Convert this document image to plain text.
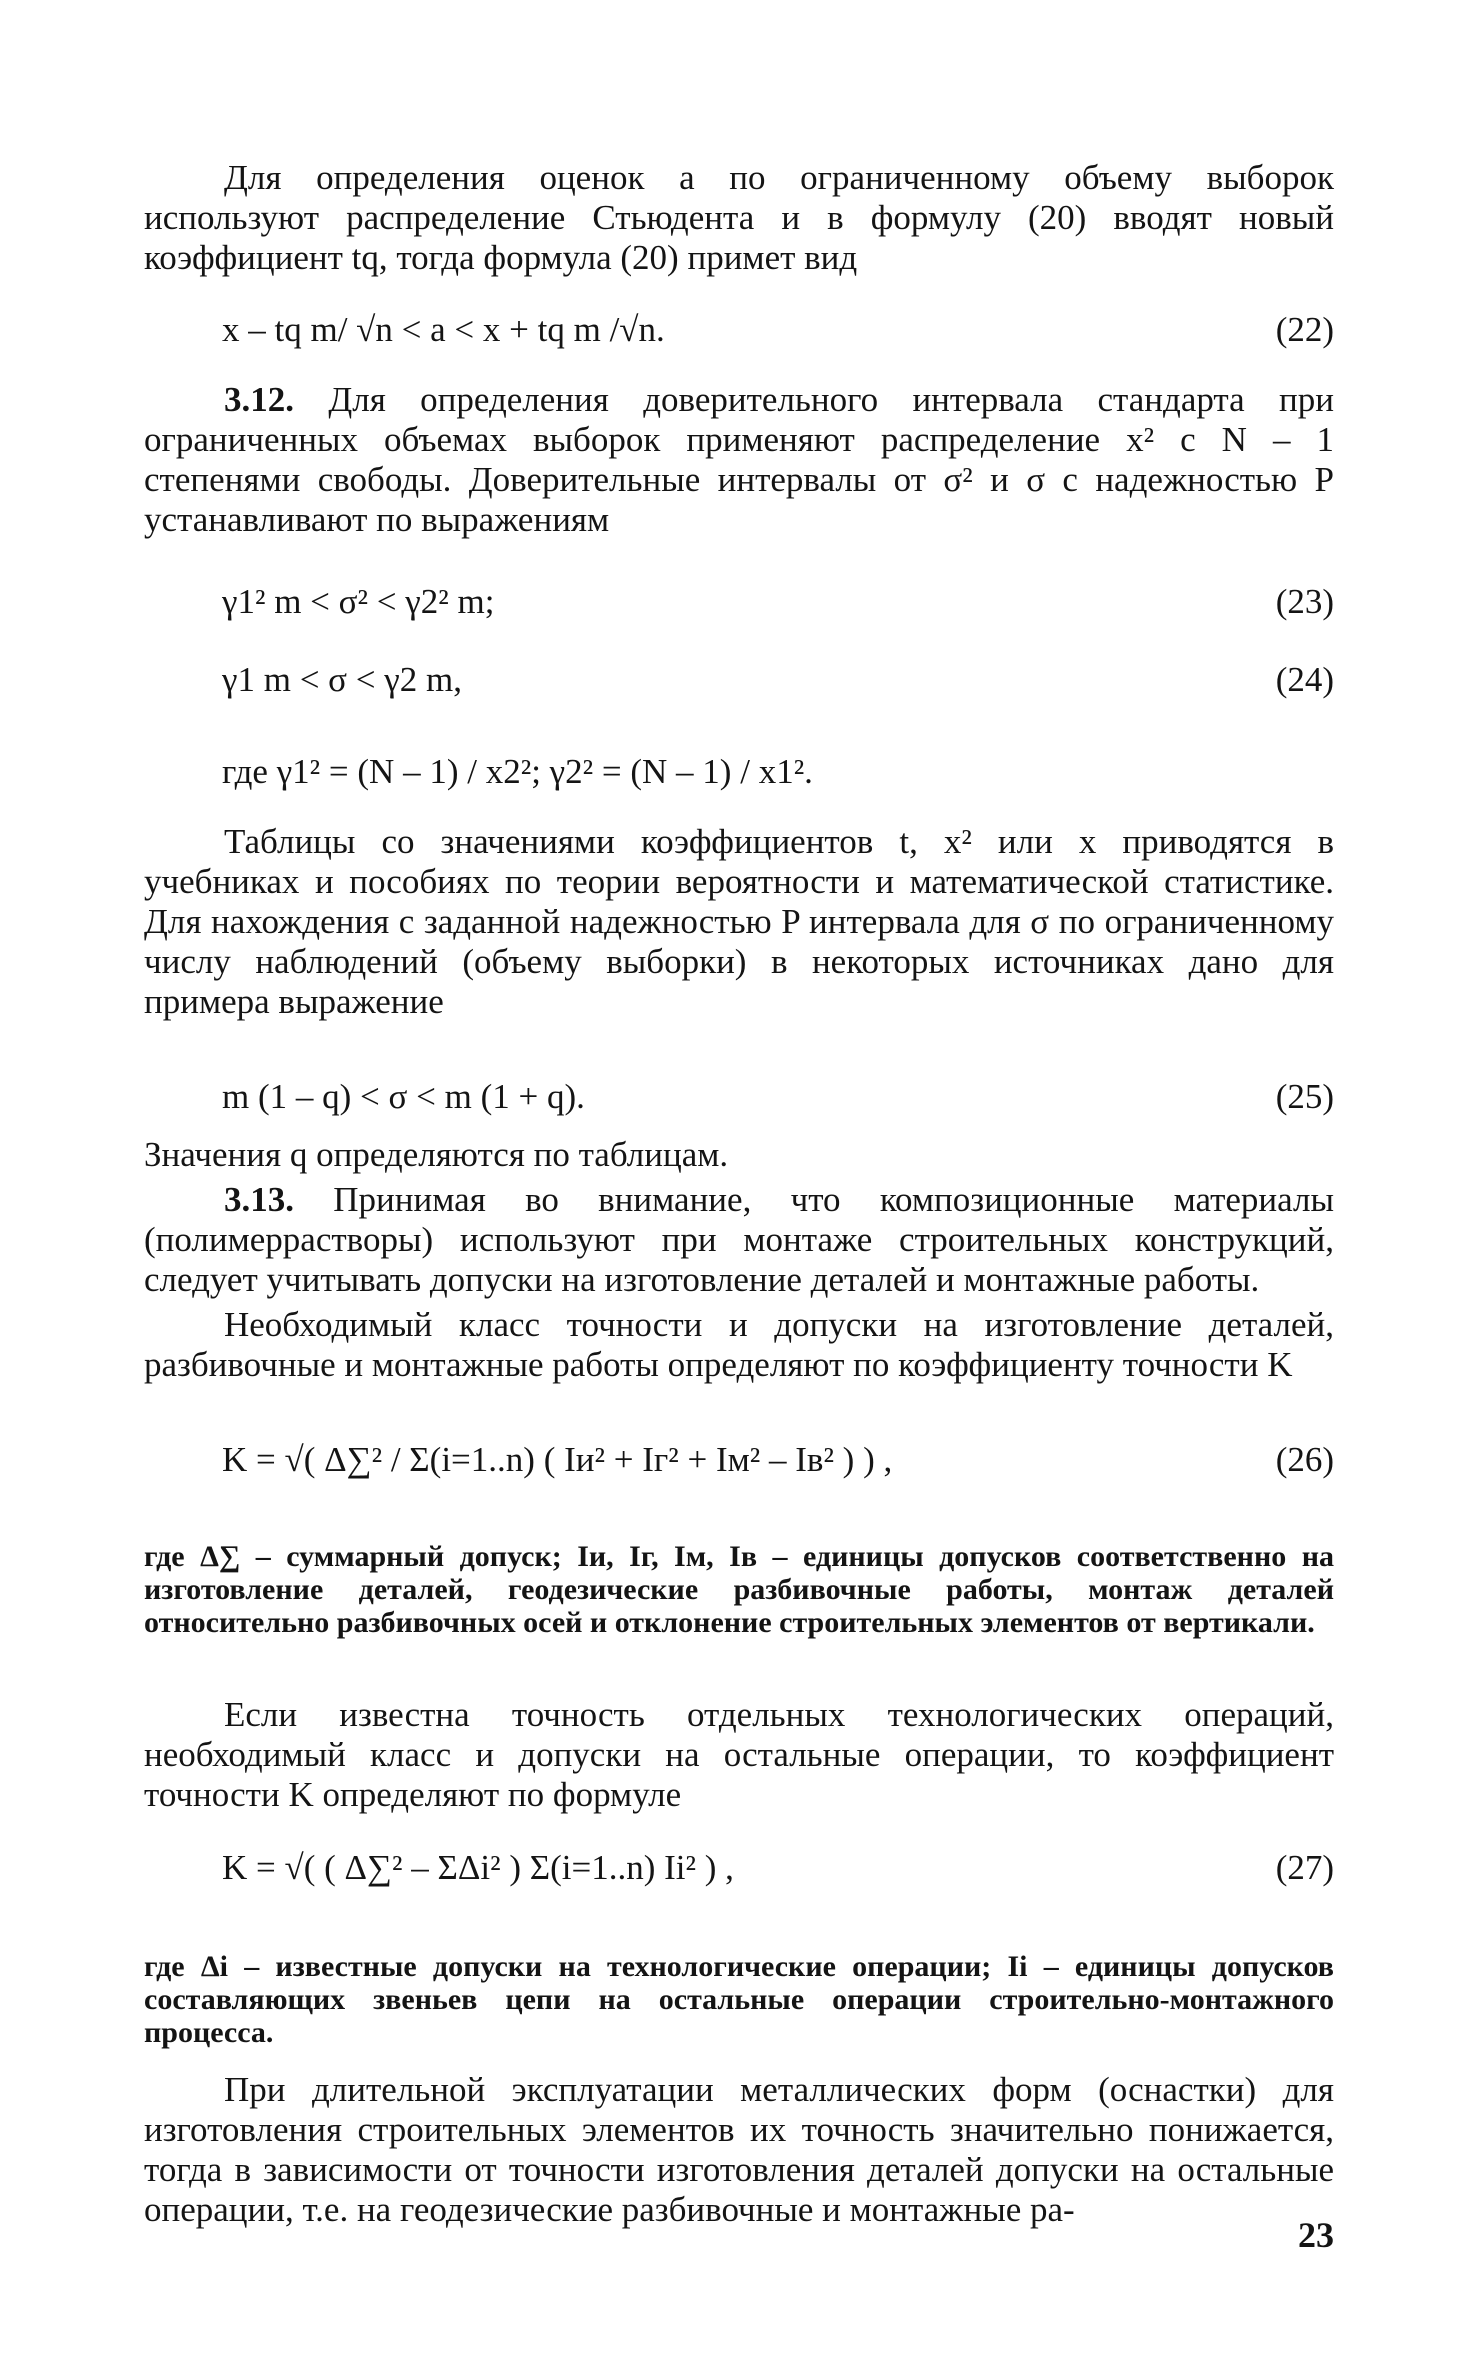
Для определения оценок a по ограниченному объему выборок используют распределение Стьюдента и в формулу (20) вводят новый коэффициент tq, тогда формула (20) примет вид
x – tq m/ √n < a < x + tq m /√n.	(22)
3.12. Для определения доверительного интервала стандарта при ограниченных объемах выборок применяют распределение x² с N – 1 степенями свободы. Доверительные интервалы от σ² и σ с надежностью P устанавливают по выражениям
γ1² m < σ² < γ2² m;	(23)
γ1 m < σ < γ2 m,	(24)
где γ1² = (N – 1) / x2²; γ2² = (N – 1) / x1².
Таблицы со значениями коэффициентов t, x² или x приводятся в учебниках и пособиях по теории вероятности и математической статистике. Для нахождения с заданной надежностью P интервала для σ по ограниченному числу наблюдений (объему выборки) в некоторых источниках дано для примера выражение
m (1 – q) < σ < m (1 + q).	(25)
Значения q определяются по таблицам.
3.13. Принимая во внимание, что композиционные материалы (полимеррастворы) используют при монтаже строительных конструкций, следует учитывать допуски на изготовление деталей и монтажные работы.
Необходимый класс точности и допуски на изготовление деталей, разбивочные и монтажные работы определяют по коэффициенту точности K
K = √( Δ∑² / Σ(i=1..n) ( Iи² + Iг² + Iм² – Iв² ) ) ,	(26)
где Δ∑ – суммарный допуск; Iи, Iг, Iм, Iв – единицы допусков соответственно на изготовление деталей, геодезические разбивочные работы, монтаж деталей относительно разбивочных осей и отклонение строительных элементов от вертикали.
Если известна точность отдельных технологических операций, необходимый класс и допуски на остальные операции, то коэффициент точности K определяют по формуле
K = √( ( Δ∑² – ΣΔi² ) Σ(i=1..n) Ii² ) ,	(27)
где Δi – известные допуски на технологические операции; Ii – единицы допусков составляющих звеньев цепи на остальные операции строительно-монтажного процесса.
При длительной эксплуатации металлических форм (оснастки) для изготовления строительных элементов их точность значительно понижается, тогда в зависимости от точности изготовления деталей допуски на остальные операции, т.е. на геодезические разбивочные и монтажные ра-
23
